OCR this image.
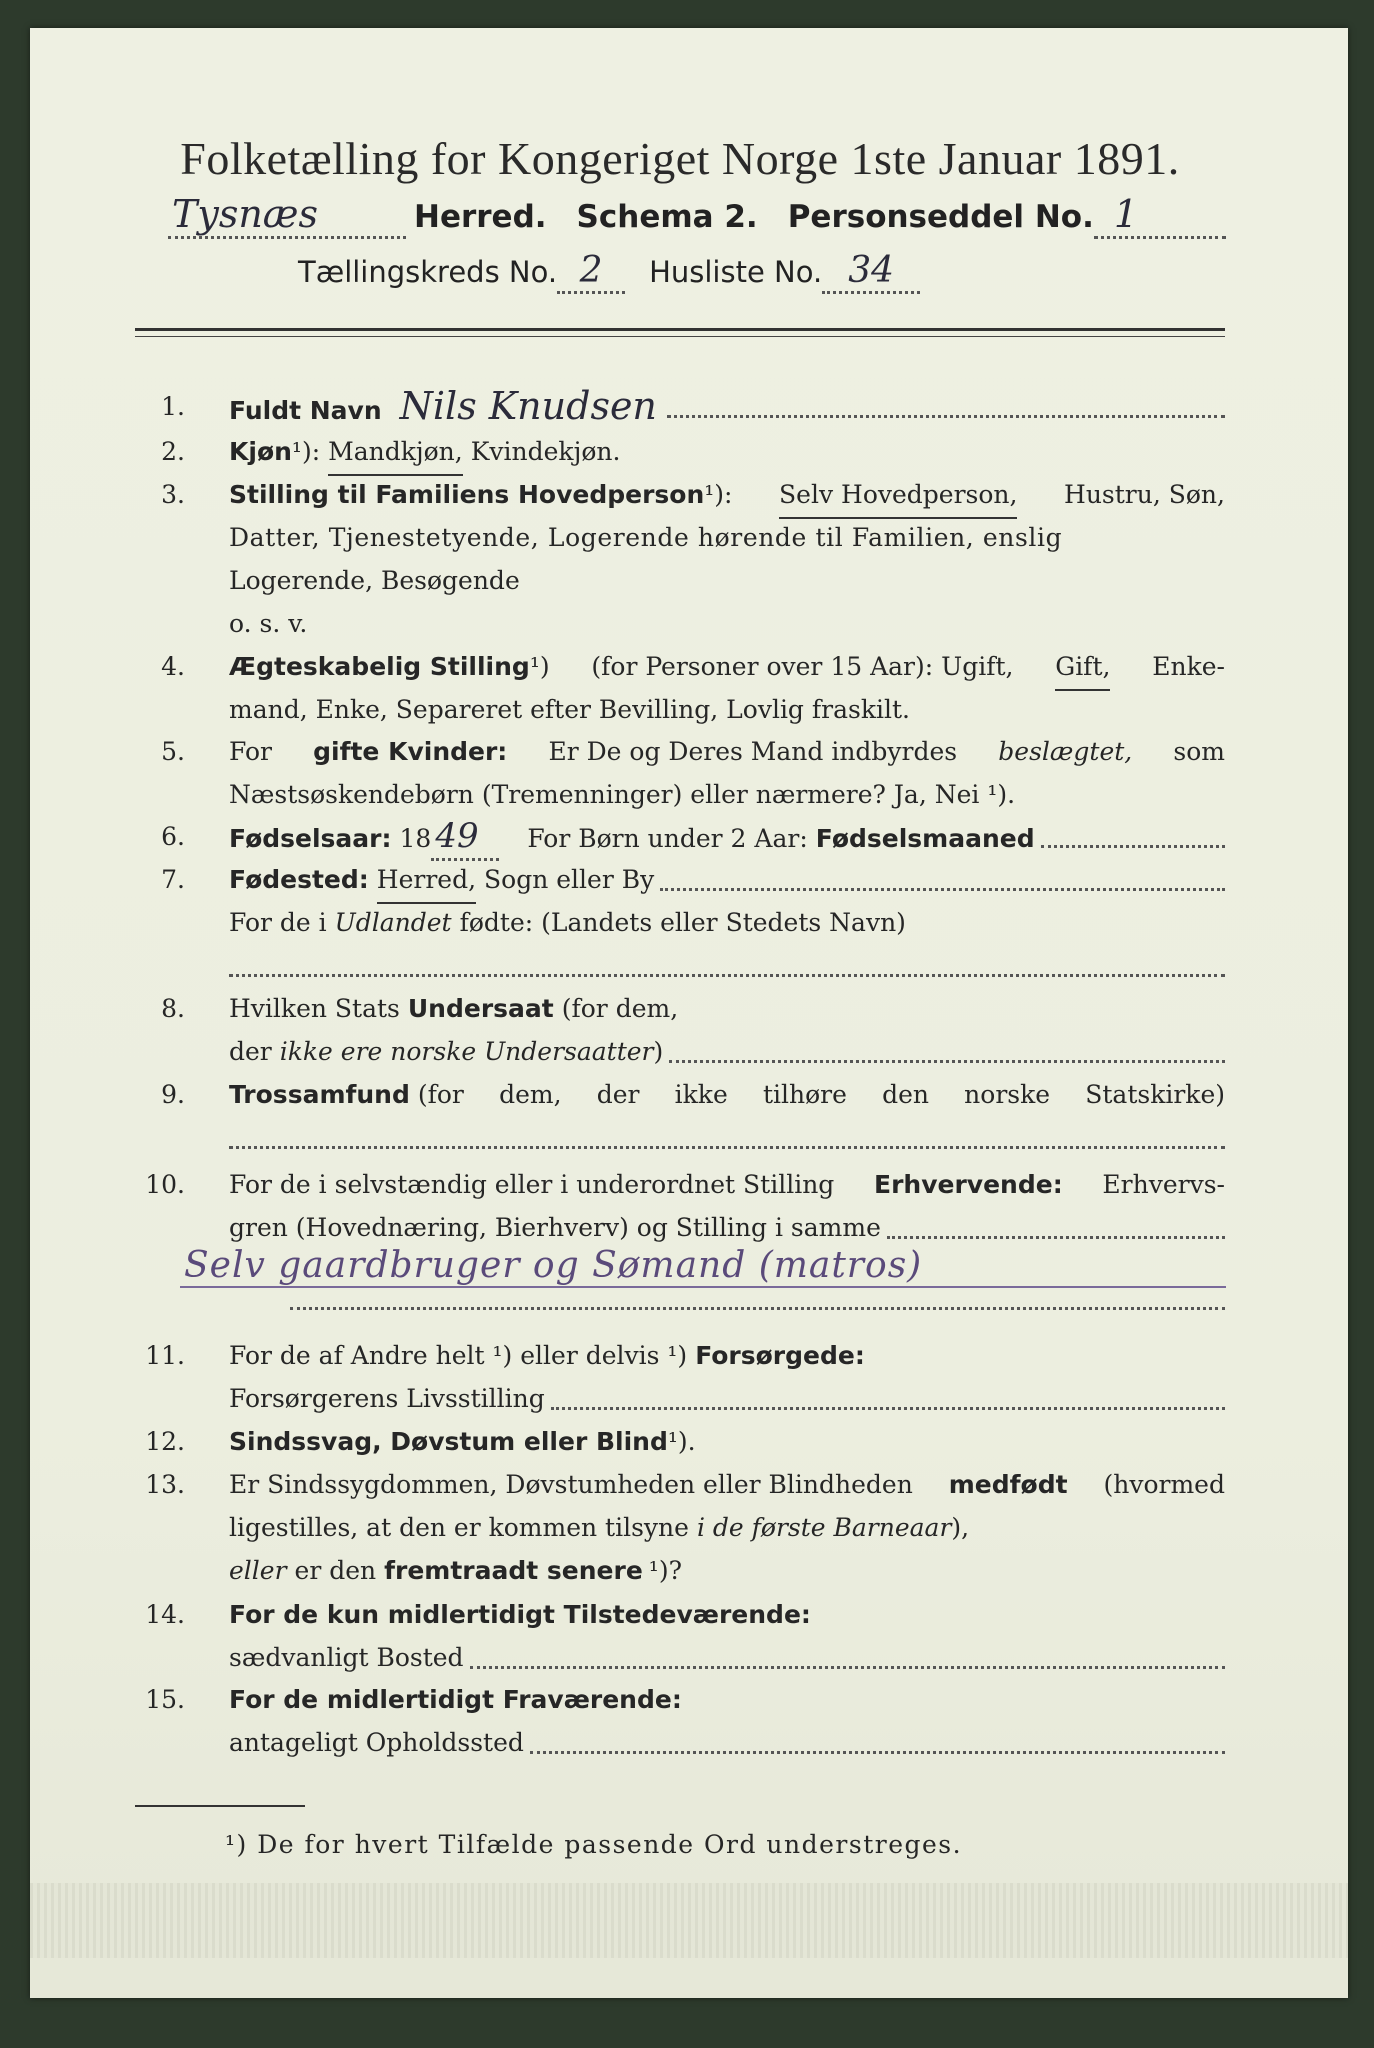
Folketælling for Kongeriget Norge 1ste Januar 1891.
Tysnæs	Herred. Schema 2. Personseddel No. 1
Tællingskreds No. 2	Husliste No. 34
1. Fuldt Navn Nils Knudsen
2. Kjøn ¹): Mandkjøn, Kvindekjøn.
3. Stilling til Familiens Hovedperson¹): Selv Hovedperson, Hustru, Søn,
Datter, Tjenestetyende, Logerende hørende til Familien, enslig
Logerende, Besøgende
o. s. v.
4. Ægteskabelig Stilling¹) (for Personer over 15 Aar): Ugift, Gift, Enke-
mand, Enke, Separeret efter Bevilling, Lovlig fraskilt.
5. For gifte Kvinder: Er De og Deres Mand indbyrdes beslægtet, som
Næstsøskendebørn (Tremenninger) eller nærmere? Ja, Nei ¹).
6. Fødselsaar: 18 49	For Børn under 2 Aar: Fødselsmaaned
7. Fødested: Herred, Sogn eller By
For de i Udlandet fødte: (Landets eller Stedets Navn)
8. Hvilken Stats Undersaat (for dem,
der ikke ere norske Undersaatter )
9. Trossamfund (for dem, der ikke tilhøre den norske Statskirke)
10. For de i selvstændig eller i underordnet Stilling Erhvervende: Erhvervs-
gren (Hovednæring, Bierhverv) og Stilling i samme
Selv gaardbruger og Sømand (matros)
11. For de af Andre helt ¹) eller delvis ¹) Forsørgede:
Forsørgerens Livsstilling
12. Sindssvag, Døvstum eller Blind ¹).
13. Er Sindssygdommen, Døvstumheden eller Blindheden medfødt (hvormed
ligestilles, at den er kommen tilsyne i de første Barneaar ),
eller er den fremtraadt senere ¹)?
14. For de kun midlertidigt Tilstedeværende:
sædvanligt Bosted
15. For de midlertidigt Fraværende:
antageligt Opholdssted
¹) De for hvert Tilfælde passende Ord understreges.
